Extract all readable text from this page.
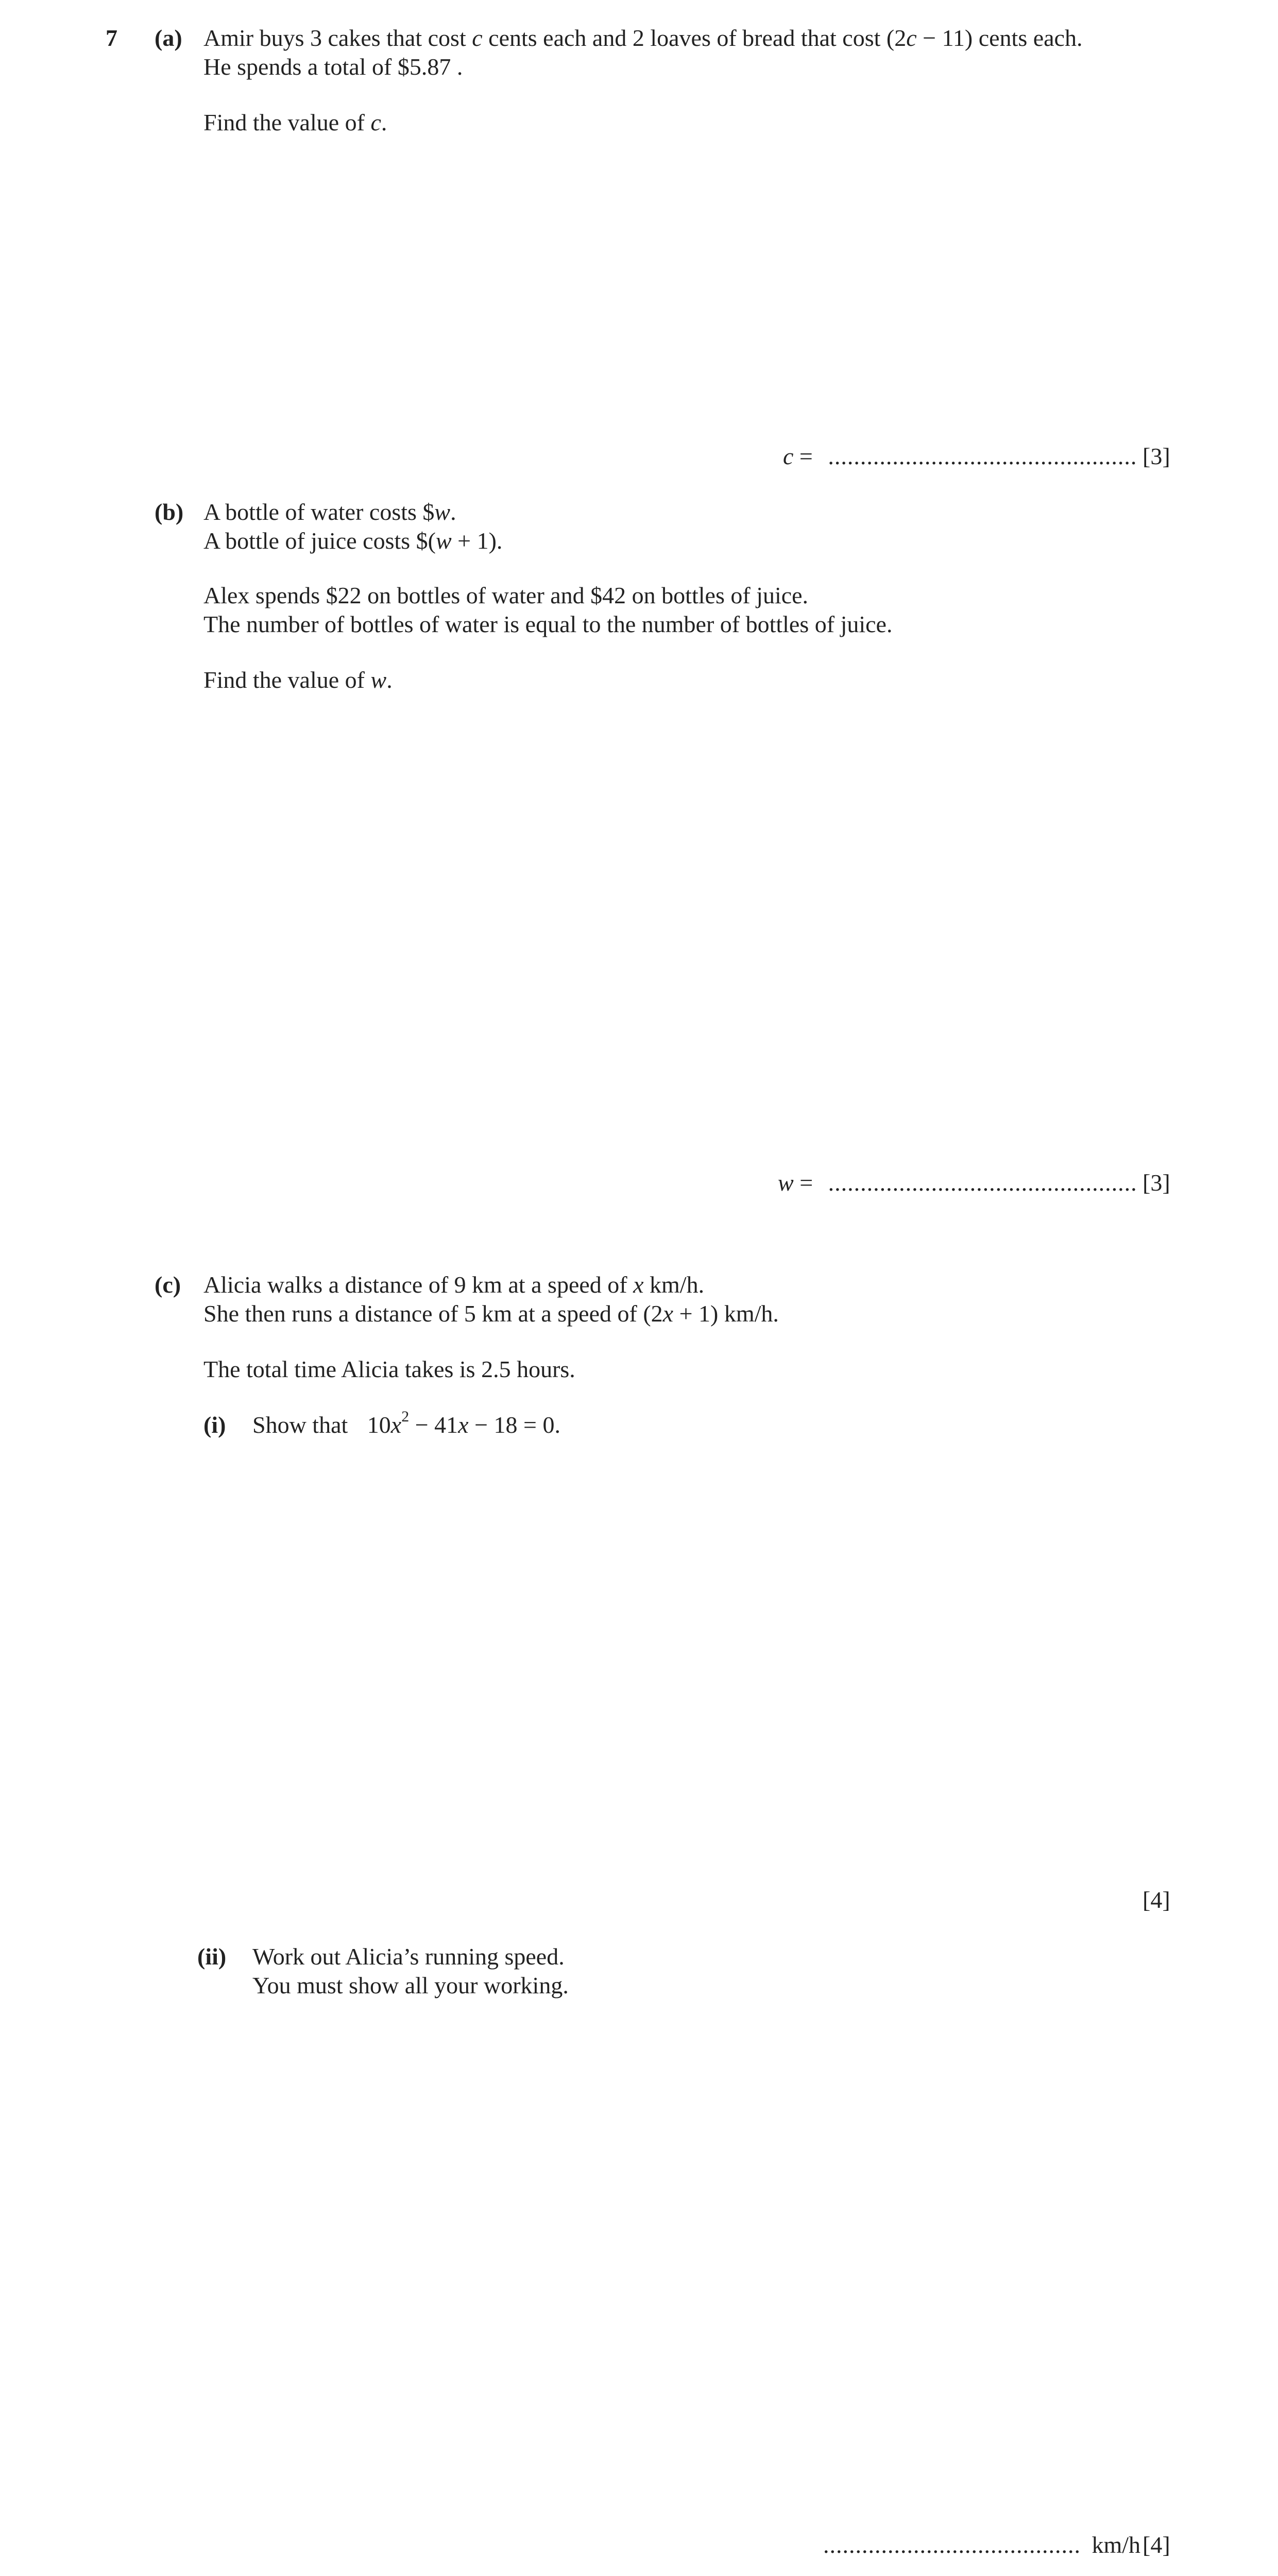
7 (a) Amir buys 3 cakes that cost c cents each and 2 loaves of bread that cost (2c − 11) cents each.
He spends a total of $5.87 .
Find the value of c.
c = ................................................ [3]
(b) A bottle of water costs $w.
A bottle of juice costs $(w + 1).
Alex spends $22 on bottles of water and $42 on bottles of juice.
The number of bottles of water is equal to the number of bottles of juice.
Find the value of w.
w = ................................................ [3]
(c) Alicia walks a distance of 9 km at a speed of x km/h.
She then runs a distance of 5 km at a speed of (2x + 1) km/h.
The total time Alicia takes is 2.5 hours.
(i) Show that $10x^2 - 41x - 18 = 0$.
[4]
(ii) Work out Alicia’s running speed.
You must show all your working.
........................................ km/h [4]
